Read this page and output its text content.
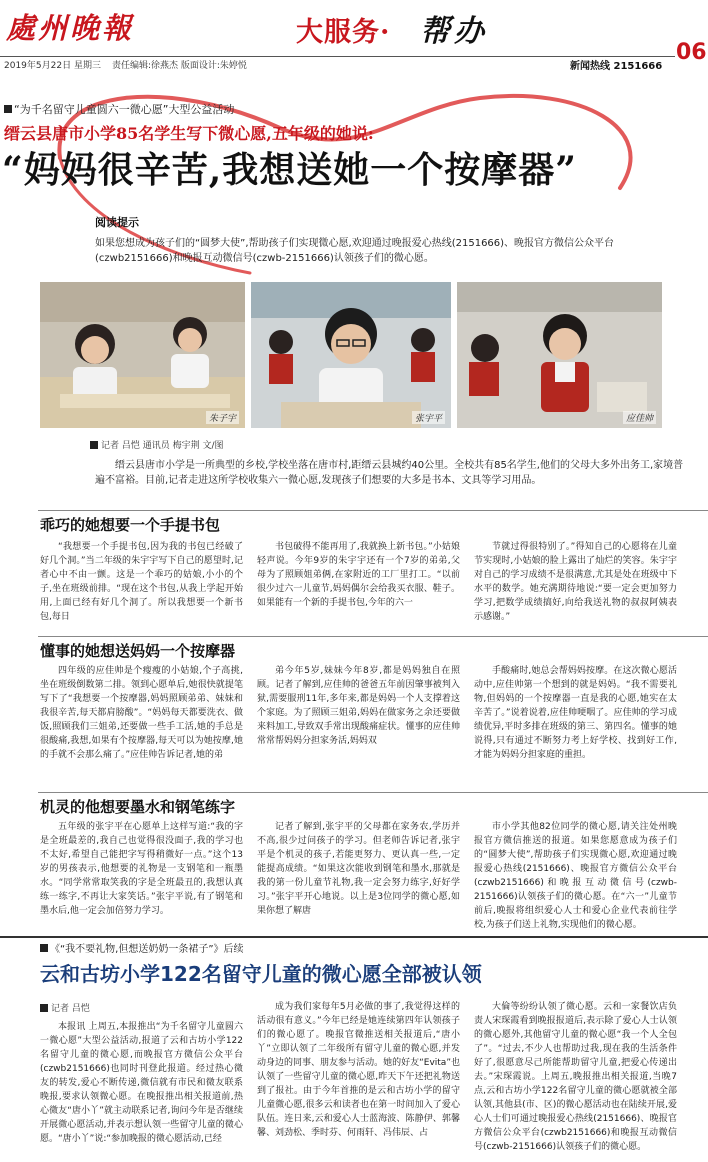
處州晚報	大服务· 帮办
06
2019年5月22日 星期三 责任编辑:徐燕杰 版面设计:朱婷悦	新闻热线 2151666
“为千名留守儿童圆六一微心愿”大型公益活动
缙云县唐市小学85名学生写下微心愿,五年级的她说:
“妈妈很辛苦,我想送她一个按摩器”
阅读提示
如果您想成为孩子们的“圆梦大使”,帮助孩子们实现微心愿,欢迎通过晚报爱心热线(2151666)、晚报官方微信公众平台(czwb2151666)和晚报互动微信号(czwb-2151666)认领孩子们的微心愿。
朱子宇	张宇平	应佳帅
记者 吕恺 通讯员 梅宇荆 文/图
缙云县唐市小学是一所典型的乡校,学校坐落在唐市村,距缙云县城约40公里。全校共有85名学生,他们的父母大多外出务工,家境普遍不富裕。目前,记者走进这所学校收集六一微心愿,发现孩子们想要的大多是书本、文具等学习用品。
乖巧的她想要一个手提书包

“我想要一个手提书包,因为我的书包已经破了好几个洞。”当二年级的朱宇宇写下自己的愿望时,记者心中不由一颤。这是一个乖巧的姑娘,小小的个子,坐在班级前排。“现在这个书包,从我上学起开始用,上面已经有好几个洞了。所以我想要一个新书包,每日

书包破得不能再用了,我就换上新书包。”小姑娘轻声说。今年9岁的朱宇宇还有一个7岁的弟弟,父母为了照顾姐弟俩,在家附近的工厂里打工。“以前很少过六一儿童节,妈妈偶尔会给我买衣服、鞋子。如果能有一个新的手提书包,今年的六一

节就过得很特别了。”得知自己的心愿将在儿童节实现时,小姑娘的脸上露出了灿烂的笑容。朱宇宇对自己的学习成绩不是很满意,尤其是处在班级中下水平的数学。她充满期待地说:“要一定会更加努力学习,把数学成绩搞好,向给我送礼物的叔叔阿姨表示感谢。”

懂事的她想送妈妈一个按摩器

四年级的应佳帅是个瘦瘦的小姑娘,个子高挑,坐在班级倒数第二排。领到心愿单后,她很快就提笔写下了“我想要一个按摩器,妈妈照顾弟弟、妹妹和我很辛苦,每天都肩膀酸”。“妈妈每天都要洗衣、做饭,照顾我们三姐弟,还要做一些手工活,她的手总是很酸痛,我想,如果有个按摩器,每天可以为她按摩,她的手就不会那么痛了。”应佳帅告诉记者,她的弟

弟今年5岁,妹妹今年8岁,都是妈妈独自在照顾。记者了解到,应佳帅的爸爸五年前因肇事被判入狱,需要服刑11年,多年来,都是妈妈一个人支撑着这个家庭。为了照顾三姐弟,妈妈在做家务之余还要做来料加工,导致双手常出现酸痛症状。懂事的应佳帅常常帮妈妈分担家务活,妈妈双

手酸痛时,她总会帮妈妈按摩。在这次微心愿活动中,应佳帅第一个想到的就是妈妈。“我不需要礼物,但妈妈的一个按摩器一直是我的心愿,她实在太辛苦了。”说着说着,应佳帅哽咽了。应佳帅的学习成绩优异,平时多排在班级的第三、第四名。懂事的她说得,只有通过不断努力考上好学校、找到好工作,才能为妈妈分担家庭的重担。

机灵的他想要墨水和钢笔练字

五年级的张宇平在心愿单上这样写道:“我的字是全班最差的,我自己也觉得很没面子,我的学习也不太好,希望自己能把字写得稍微好一点。”这个13岁的男孩表示,他想要的礼物是一支钢笔和一瓶墨水。“同学常常取笑我的字是全班最丑的,我想认真练一练字,不再让大家笑话。”张宇平说,有了钢笔和墨水后,他一定会加倍努力学习。

记者了解到,张宇平的父母都在家务农,学历并不高,很少过问孩子的学习。但老师告诉记者,张宇平是个机灵的孩子,若能更努力、更认真一些,一定能提高成绩。“如果这次能收到钢笔和墨水,那就是我的第一份儿童节礼物,我一定会努力练字,好好学习。”张宇平开心地说。以上是3位同学的微心愿,如果你想了解唐

市小学其他82位同学的微心愿,请关注处州晚报官方微信推送的报道。如果您愿意成为孩子们的“圆梦大使”,帮助孩子们实现微心愿,欢迎通过晚报爱心热线(2151666)、晚报官方微信公众平台(czwb2151666)和晚报互动微信号(czwb-2151666)认领孩子们的微心愿。在“六一”儿童节前后,晚报将组织爱心人士和爱心企业代表前往学校,为孩子们送上礼物,实现他们的微心愿。

《“我不要礼物,但想送奶奶一条裙子”》后续
云和古坊小学122名留守儿童的微心愿全部被认领
记者 吕恺

本报讯 上周五,本报推出“为千名留守儿童圆六一微心愿”大型公益活动,报道了云和古坊小学122名留守儿童的微心愿,而晚报官方微信公众平台(czwb2151666)也同时刊登此报道。经过热心微友的转发,爱心不断传递,微信就有市民和微友联系晚报,要求认领微心愿。在晚报推出相关报道前,热心微友“唐小丫”就主动联系记者,询问今年是否继续开展微心愿活动,并表示想认领一些留守儿童的微心愿。“唐小丫”说:“参加晚报的微心愿活动,已经

成为我们家每年5月必做的事了,我觉得这样的活动很有意义。”今年已经是她连续第四年认领孩子们的微心愿了。晚报官微推送相关报道后,“唐小丫”立即认领了二年级所有留守儿童的微心愿,并发动身边的同事、朋友参与活动。她的好友“Evita”也认领了一些留守儿童的微心愿,昨天下午还把礼物送到了报社。由于今年首推的是云和古坊小学的留守儿童微心愿,很多云和读者也在第一时间加入了爱心队伍。连日来,云和爱心人士蓝海波、陈静伊、郭馨馨、刘劲松、季时芬、何雨轩、冯伟辰、占

大倫等纷纷认领了微心愿。云和一家餐饮店负责人宋琛霞看到晚报报道后,表示除了爱心人士认领的微心愿外,其他留守儿童的微心愿“我一个人全包了”。“过去,不少人也帮助过我,现在我的生活条件好了,很愿意尽己所能帮助留守儿童,把爱心传递出去。”宋琛霞说。上周五,晚报推出相关报道,当晚7点,云和古坊小学122名留守儿童的微心愿就被全部认领,其他县(市、区)的微心愿活动也在陆续开展,爱心人士们可通过晚报爱心热线(2151666)、晚报官方微信公众平台(czwb2151666)和晚报互动微信号(czwb-2151666)认领孩子们的微心愿。
